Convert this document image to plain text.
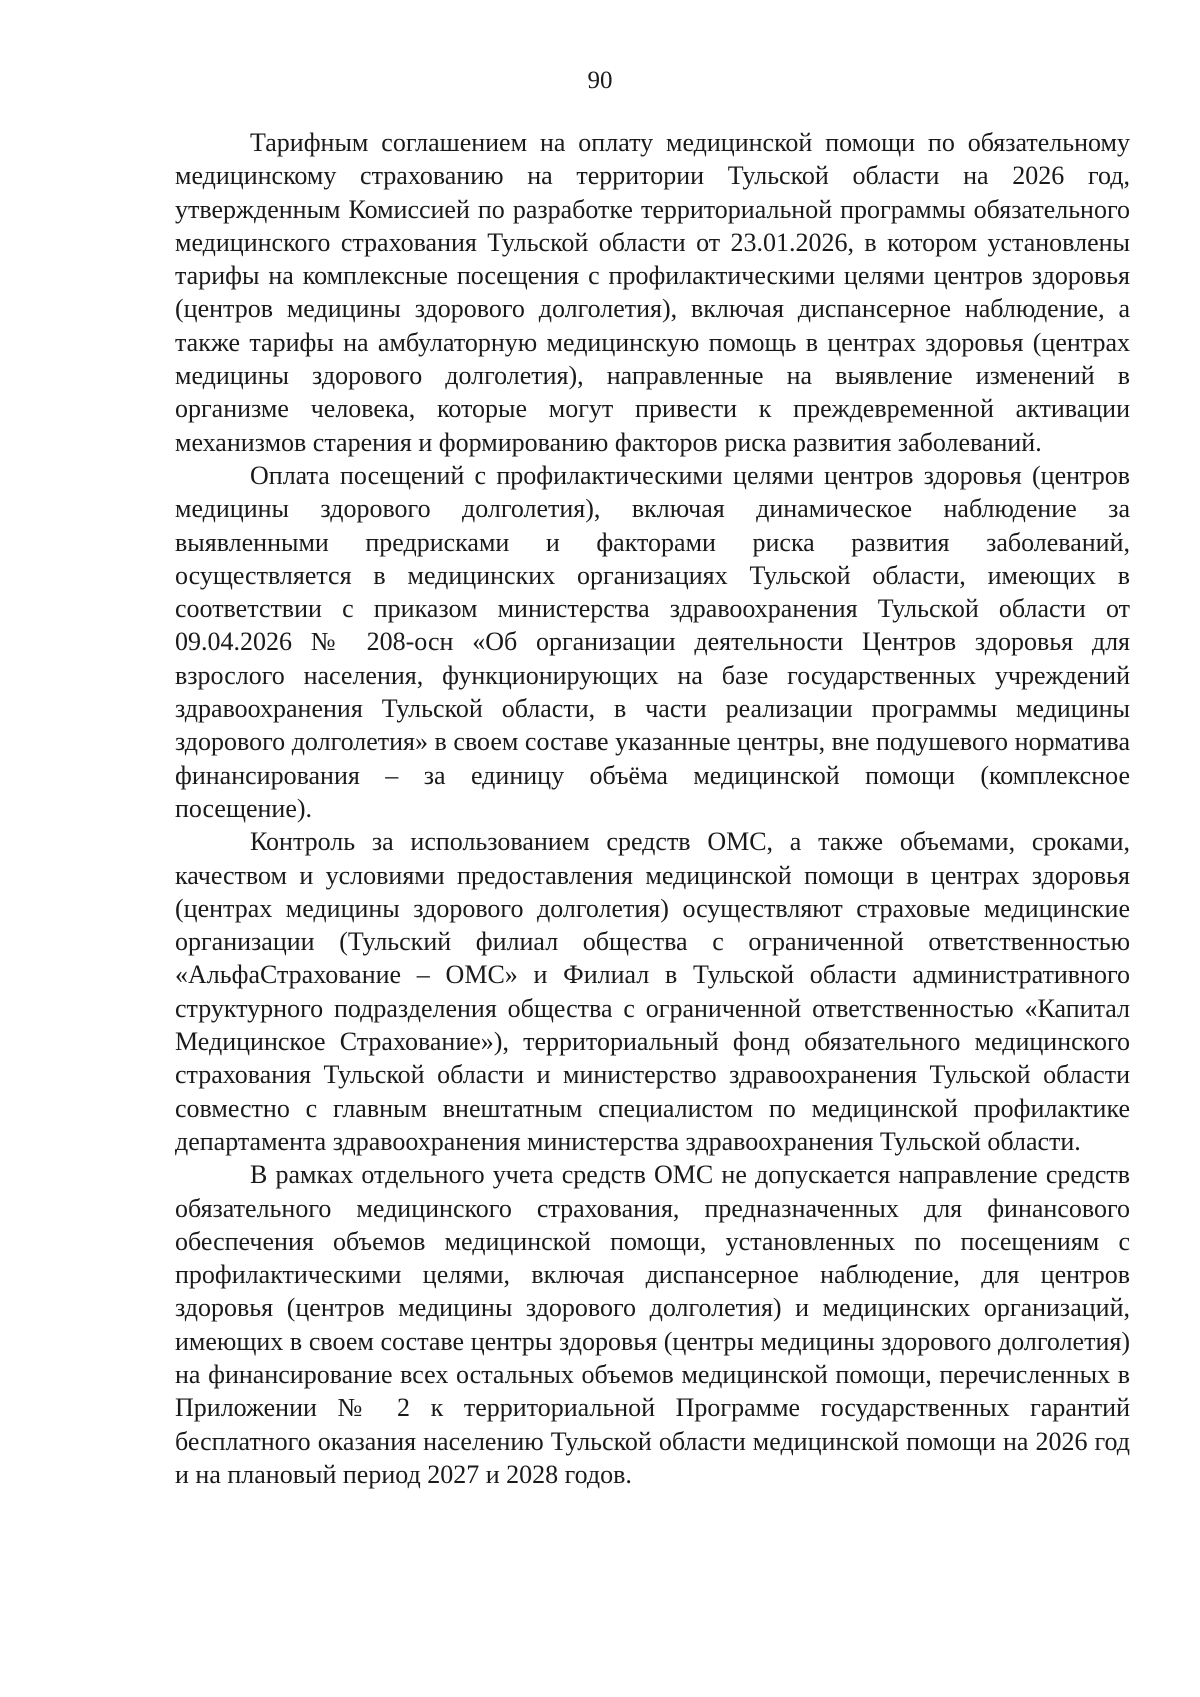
90

Тарифным соглашением на оплату медицинской помощи по обязательному медицинскому страхованию на территории Тульской области на 2026 год, утвержденным Комиссией по разработке территориальной программы обязательного медицинского страхования Тульской области от 23.01.2026, в котором установлены тарифы на комплексные посещения с профилактическими целями центров здоровья (центров медицины здорового долголетия), включая диспансерное наблюдение, а также тарифы на амбулаторную медицинскую помощь в центрах здоровья (центрах медицины здорового долголетия), направленные на выявление изменений в организме человека, которые могут привести к преждевременной активации механизмов старения и формированию факторов риска развития заболеваний.

Оплата посещений с профилактическими целями центров здоровья (центров медицины здорового долголетия), включая динамическое наблюдение за выявленными предрисками и факторами риска развития заболеваний, осуществляется в медицинских организациях Тульской области, имеющих в соответствии с приказом министерства здравоохранения Тульской области от 09.04.2026 № 208-осн «Об организации деятельности Центров здоровья для взрослого населения, функционирующих на базе государственных учреждений здравоохранения Тульской области, в части реализации программы медицины здорового долголетия» в своем составе указанные центры, вне подушевого норматива финансирования – за единицу объёма медицинской помощи (комплексное посещение).

Контроль за использованием средств ОМС, а также объемами, сроками, качеством и условиями предоставления медицинской помощи в центрах здоровья (центрах медицины здорового долголетия) осуществляют страховые медицинские организации (Тульский филиал общества с ограниченной ответственностью «АльфаСтрахование – ОМС» и Филиал в Тульской области административного структурного подразделения общества с ограниченной ответственностью «Капитал Медицинское Страхование»), территориальный фонд обязательного медицинского страхования Тульской области и министерство здравоохранения Тульской области совместно с главным внештатным специалистом по медицинской профилактике департамента здравоохранения министерства здравоохранения Тульской области.

В рамках отдельного учета средств ОМС не допускается направление средств обязательного медицинского страхования, предназначенных для финансового обеспечения объемов медицинской помощи, установленных по посещениям с профилактическими целями, включая диспансерное наблюдение, для центров здоровья (центров медицины здорового долголетия) и медицинских организаций, имеющих в своем составе центры здоровья (центры медицины здорового долголетия) на финансирование всех остальных объемов медицинской помощи, перечисленных в Приложении № 2 к территориальной Программе государственных гарантий бесплатного оказания населению Тульской области медицинской помощи на 2026 год и на плановый период 2027 и 2028 годов.
